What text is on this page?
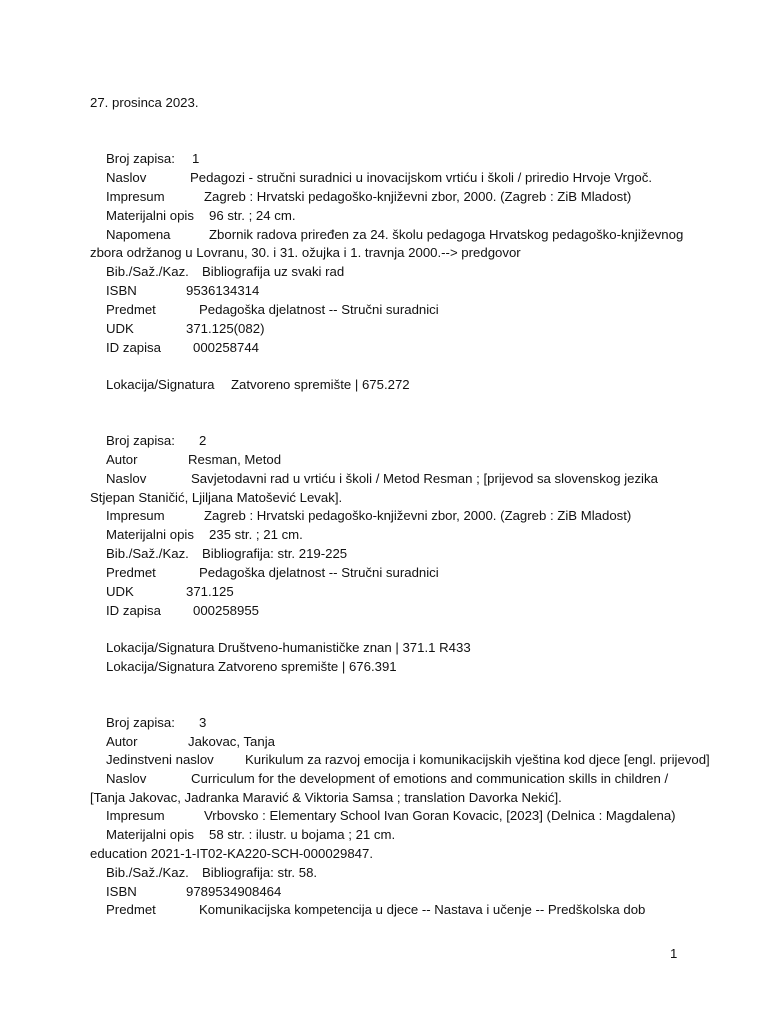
27. prosinca 2023.
Broj zapisa: 1
Naslov	Pedagozi - stručni suradnici u inovacijskom vrtiću i školi / priredio Hrvoje Vrgoč.
Impresum	Zagreb : Hrvatski pedagoško-književni zbor, 2000. (Zagreb : ZiB Mladost)
Materijalni opis 96 str. ; 24 cm.
Napomena	Zbornik radova priređen za 24. školu pedagoga Hrvatskog pedagoško-književnog
zbora održanog u Lovranu, 30. i 31. ožujka i 1. travnja 2000.--> predgovor
Bib./Saž./Kaz. Bibliografija uz svaki rad
ISBN	9536134314
Predmet	Pedagoška djelatnost -- Stručni suradnici
UDK	371.125(082)
ID zapisa 000258744
Lokacija/Signatura Zatvoreno spremište | 675.272
Broj zapisa: 2
Autor	Resman, Metod
Naslov	Savjetodavni rad u vrtiću i školi / Metod Resman ; [prijevod sa slovenskog jezika
Stjepan Staničić, Ljiljana Matošević Levak].
Impresum	Zagreb : Hrvatski pedagoško-književni zbor, 2000. (Zagreb : ZiB Mladost)
Materijalni opis 235 str. ; 21 cm.
Bib./Saž./Kaz. Bibliografija: str. 219-225
Predmet	Pedagoška djelatnost -- Stručni suradnici
UDK	371.125
ID zapisa 000258955
Lokacija/Signatura Društveno-humanističke znan | 371.1 R433
Lokacija/Signatura Zatvoreno spremište | 676.391
Broj zapisa: 3
Autor	Jakovac, Tanja
Jedinstveni naslov Kurikulum za razvoj emocija i komunikacijskih vještina kod djece [engl. prijevod]
Naslov	Curriculum for the development of emotions and communication skills in children /
[Tanja Jakovac, Jadranka Maravić & Viktoria Samsa ; translation Davorka Nekić].
Impresum	Vrbovsko : Elementary School Ivan Goran Kovacic, [2023] (Delnica : Magdalena)
Materijalni opis 58 str. : ilustr. u bojama ; 21 cm.
education 2021-1-IT02-KA220-SCH-000029847.
Bib./Saž./Kaz. Bibliografija: str. 58.
ISBN	9789534908464
Predmet	Komunikacijska kompetencija u djece -- Nastava i učenje -- Predškolska dob
1
